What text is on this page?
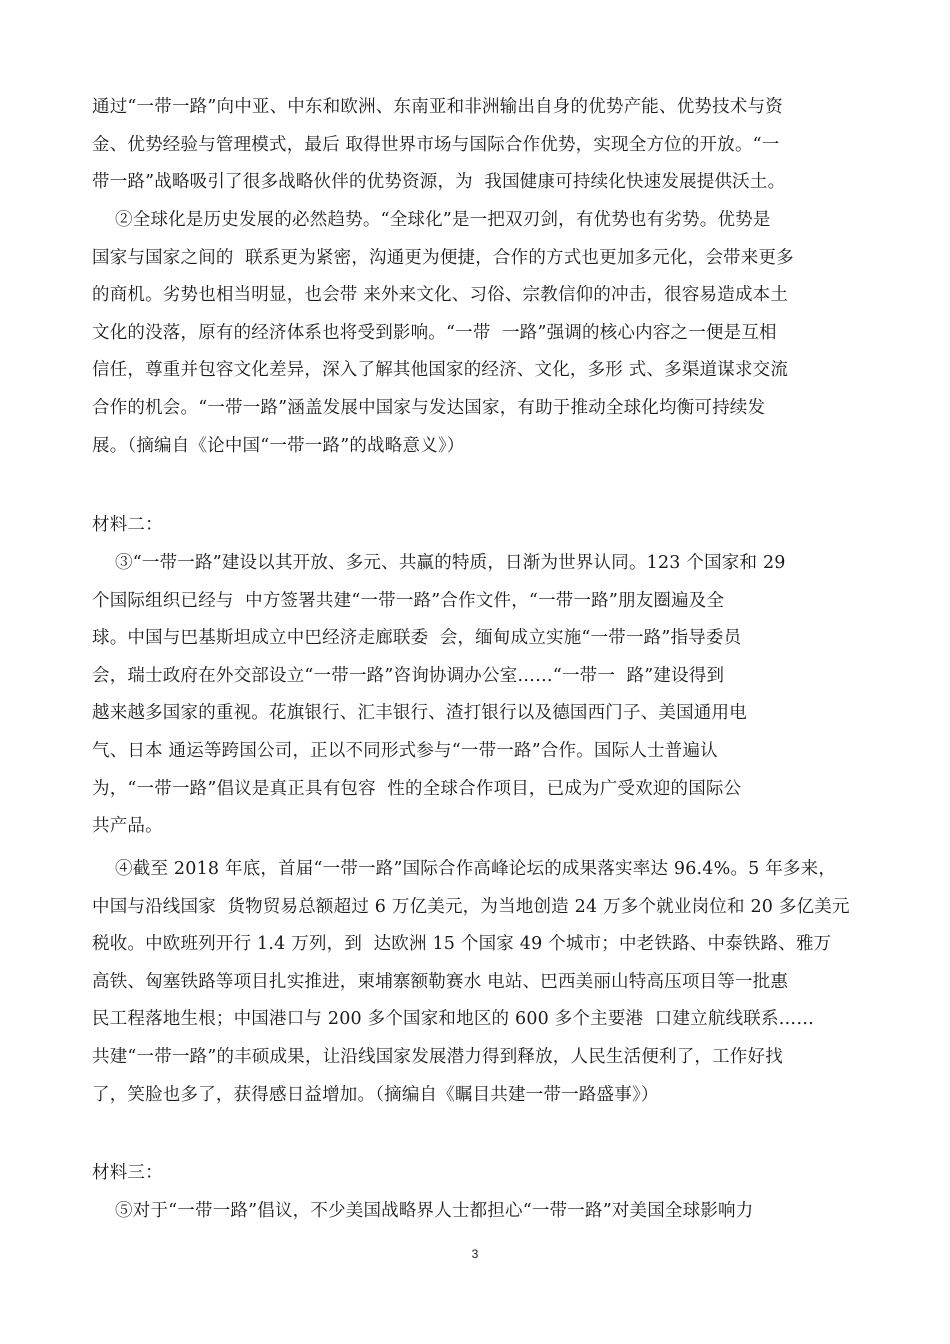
通过“一带一路”向中亚、中东和欧洲、东南亚和非洲输出自身的优势产能、优势技术与资
金、优势经验与管理模式，最后 取得世界市场与国际合作优势，实现全方位的开放。“一
带一路”战略吸引了很多战略伙伴的优势资源，为  我国健康可持续化快速发展提供沃土。
②全球化是历史发展的必然趋势。“全球化”是一把双刃剑，有优势也有劣势。优势是
国家与国家之间的  联系更为紧密，沟通更为便捷，合作的方式也更加多元化，会带来更多
的商机。劣势也相当明显，也会带 来外来文化、习俗、宗教信仰的冲击，很容易造成本土
文化的没落，原有的经济体系也将受到影响。“一带  一路”强调的核心内容之一便是互相
信任，尊重并包容文化差异，深入了解其他国家的经济、文化，多形 式、多渠道谋求交流
合作的机会。“一带一路”涵盖发展中国家与发达国家，有助于推动全球化均衡可持续发
展。（摘编自《论中国“一带一路”的战略意义》）
材料二：
③“一带一路”建设以其开放、多元、共赢的特质，日渐为世界认同。123 个国家和 29
个国际组织已经与  中方签署共建“一带一路”合作文件，“一带一路”朋友圈遍及全
球。中国与巴基斯坦成立中巴经济走廊联委  会，缅甸成立实施“一带一路”指导委员
会，瑞士政府在外交部设立“一带一路”咨询协调办公室……“一带一  路”建设得到
越来越多国家的重视。花旗银行、汇丰银行、渣打银行以及德国西门子、美国通用电
气、日本 通运等跨国公司，正以不同形式参与“一带一路”合作。国际人士普遍认
为，“一带一路”倡议是真正具有包容  性的全球合作项目，已成为广受欢迎的国际公
共产品。
④截至 2018 年底，首届“一带一路”国际合作高峰论坛的成果落实率达 96.4%。5 年多来，
中国与沿线国家  货物贸易总额超过 6 万亿美元，为当地创造 24 万多个就业岗位和 20 多亿美元
税收。中欧班列开行 1.4 万列，到  达欧洲 15 个国家 49 个城市；中老铁路、中泰铁路、雅万
高铁、匈塞铁路等项目扎实推进，柬埔寨额勒赛水 电站、巴西美丽山特高压项目等一批惠
民工程落地生根；中国港口与 200 多个国家和地区的 600 多个主要港  口建立航线联系……
共建“一带一路”的丰硕成果，让沿线国家发展潜力得到释放，人民生活便利了，工作好找
了，笑脸也多了，获得感日益增加。（摘编自《瞩目共建一带一路盛事》）
材料三：
⑤对于“一带一路”倡议，不少美国战略界人士都担心“一带一路”对美国全球影响力
3
